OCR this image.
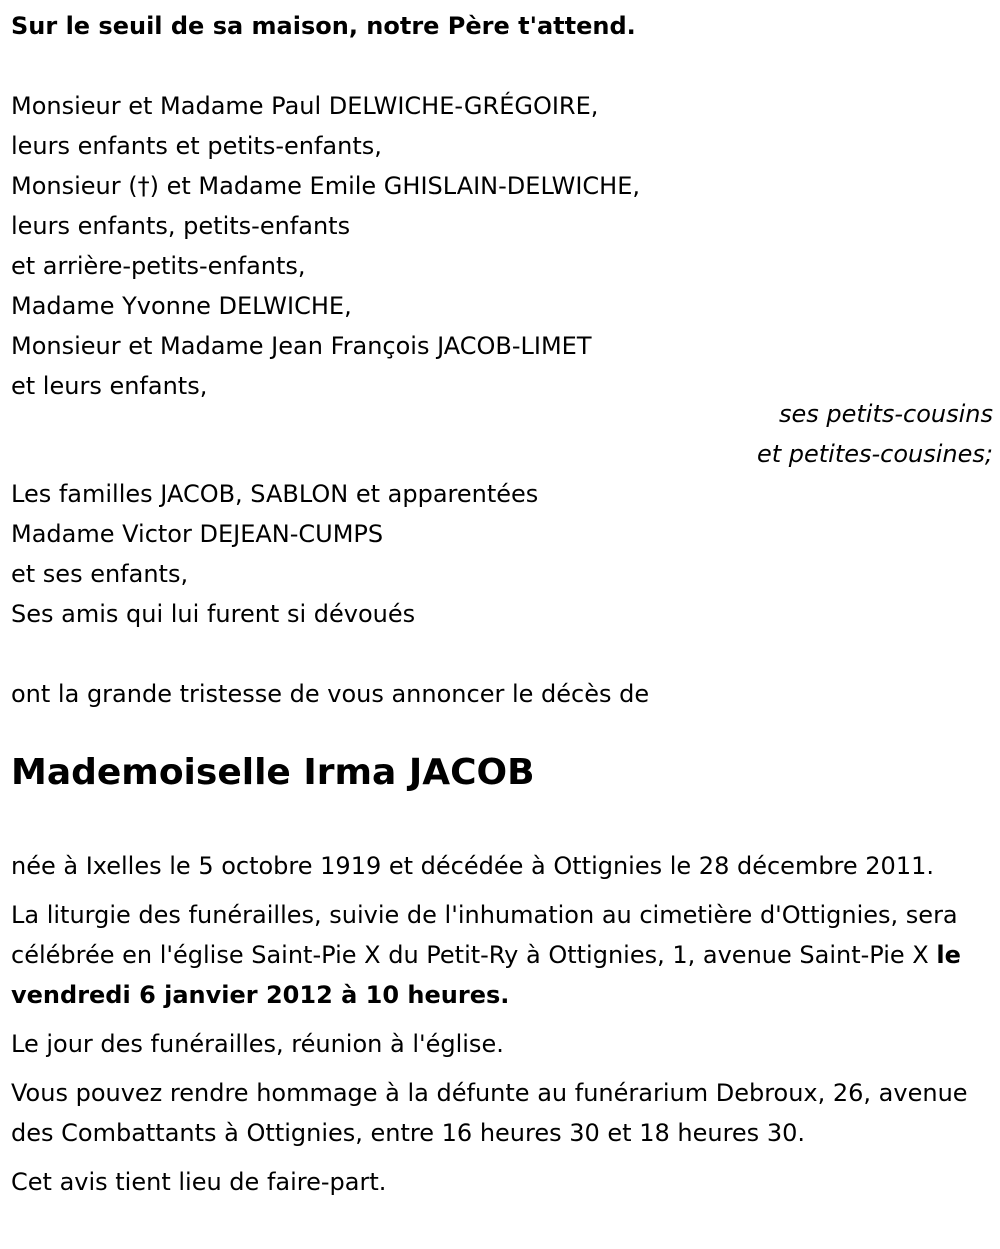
Sur le seuil de sa maison, notre Père t'attend.
Monsieur et Madame Paul DELWICHE-GRÉGOIRE,
leurs enfants et petits-enfants,
Monsieur (†) et Madame Emile GHISLAIN-DELWICHE,
leurs enfants, petits-enfants
et arrière-petits-enfants,
Madame Yvonne DELWICHE,
Monsieur et Madame Jean François JACOB-LIMET
et leurs enfants,
ses petits-cousins
et petites-cousines;
Les familles JACOB, SABLON et apparentées
Madame Victor DEJEAN-CUMPS
et ses enfants,
Ses amis qui lui furent si dévoués
ont la grande tristesse de vous annoncer le décès de
Mademoiselle Irma JACOB
née à Ixelles le 5 octobre 1919 et décédée à Ottignies le 28 décembre 2011.
La liturgie des funérailles, suivie de l'inhumation au cimetière d'Ottignies, sera célébrée en l'église Saint-Pie X du Petit-Ry à Ottignies, 1, avenue Saint-Pie X le vendredi 6 janvier 2012 à 10 heures.
Le jour des funérailles, réunion à l'église.
Vous pouvez rendre hommage à la défunte au funérarium Debroux, 26, avenue des Combattants à Ottignies, entre 16 heures 30 et 18 heures 30.
Cet avis tient lieu de faire-part.
